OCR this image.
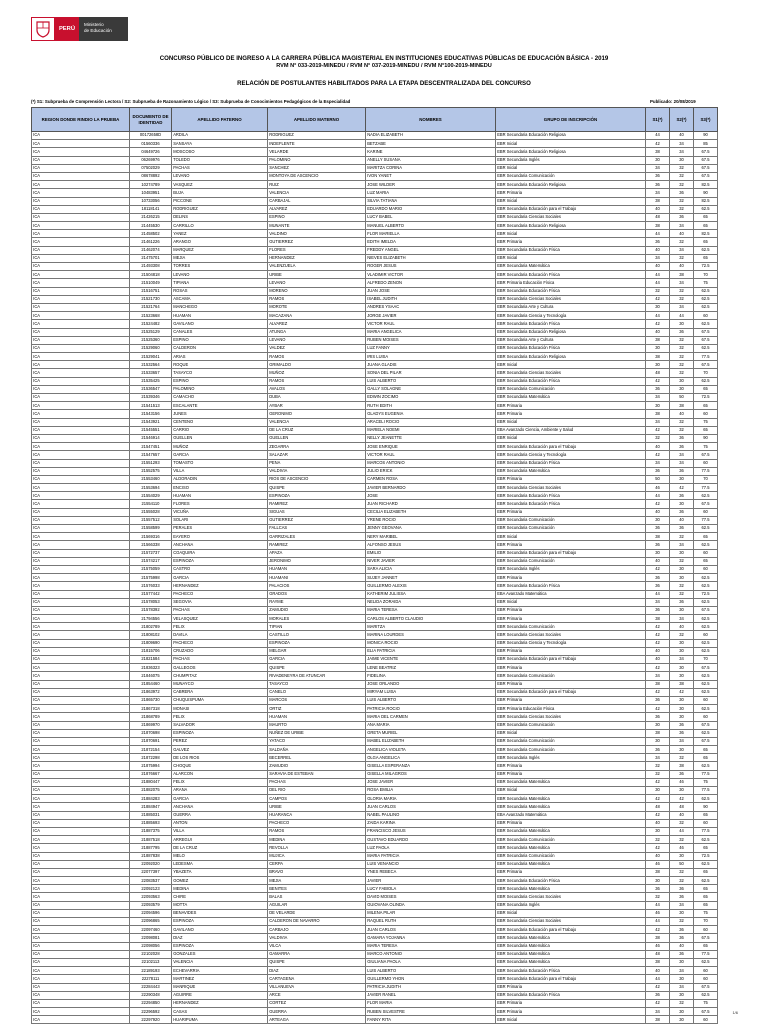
PERÚ
Ministerio
de Educación
CONCURSO PÚBLICO DE INGRESO A LA CARRERA PÚBLICA MAGISTERIAL EN INSTITUCIONES EDUCATIVAS PÚBLICAS DE EDUCACIÓN BÁSICA - 2019
RVM N° 033-2019-MINEDU / RVM N° 037-2019-MINEDU / RVM N°100-2019-MINEDU
RELACIÓN DE POSTULANTES HABILITADOS PARA LA ETAPA DESCENTRALIZADA DEL CONCURSO
(*) S1: Subprueba de Comprensión Lectora / S2: Subprueba de Razonamiento Lógico / S3: Subprueba de Conocimientos Pedagógicos de la Especialidad	Publicado: 20/08/2019
REGION DONDE RINDIO LA PRUEBA	DOCUMENTO DE IDENTIDAD	APELLIDO PATERNO	APELLIDO MATERNO	NOMBRES	GRUPO DE INSCRIPCIÓN	S1(*)	S2(*)	S3(*)
ICA	00172658D	ARDILA	RODRIGUEZ	NADIA ELIZABETH	EBR Secundaria Educación Religiosa	44	40	90
ICA	01560336	SANSAYA	INDEFLENTE	BETZABE	EBR Inicial	42	34	85
ICA	04649726	MOSCOSO	VELARDE	KARINE	EBR Secundaria Educación Religiosa	38	34	67.5
ICA	06269976	TOLEDO	PALOMINO	ANELLY SUSANA	EBR Secundaria Inglés	30	30	67.5
ICA	07502029	PACHAS	SANCHEZ	MARITZA CORINA	EBR Inicial	34	32	67.5
ICA	08678892	LEVANO	MONTOYA DE ASCENCIO	IVON YANET	EBR Secundaria Comunicación	36	32	67.5
ICA	10274789	VASQUEZ	RUIZ	JOSE WILDER	EBR Secundaria Educación Religiosa	36	32	82.5
ICA	10483951	BUJA	VALENCIA	LUZ MARIA	EBR Primaria	34	36	90
ICA	10733056	PICCONE	CARBAJAL	SILVIA TATIANA	EBR Inicial	38	32	82.5
ICA	18118141	RODRIGUEZ	ALVAREZ	EDUARDO MARIO	EBR Secundaria Educación para el Trabajo	40	32	62.5
ICA	21426215	DELINS	ESPINO	LUCY BABEL	EBR Secundaria Ciencias Sociales	48	36	65
ICA	21445530	CARRILLO	MUNANTE	MANUEL ALBERTO	EBR Secundaria Educación Religiosa	38	34	65
ICA	21458502	YANEZ	VALDINO	FLOR MARIELLA	EBR Inicial	44	40	82.5
ICA	21461226	ARANGO	GUTIERREZ	EDITH IMELDA	EBR Primaria	36	32	65
ICA	21462074	MARQUEZ	FLORES	FREDDY ANGEL	EBR Secundaria Educación Física	40	34	62.5
ICA	21475701	MEJIA	HERNANDEZ	NIEVES ELIZABETH	EBR Inicial	34	32	65
ICA	21493308	TORRES	VALENZUELA	ROGER JESUS	EBR Secundaria Matemática	40	40	72.5
ICA	21504818	LEVANO	URIBE	VLADIMIR VICTOR	EBR Secundaria Educación Física	44	38	70
ICA	21510049	TIPIANA	LEVANO	ALFREDO ZENON	EBR Primaria Educación Física	44	34	75
ICA	21516751	ROSAS	MORENO	JUAN JOSE	EBR Secundaria Educación Física	32	32	62.5
ICA	21521730	ASCAMA	RAMOS	ISABEL JUDITH	EBR Secundaria Ciencias Sociales	42	32	62.5
ICA	21521764	MANCHEGO	MOROTE	ANDRES YSAAC	EBR Secundaria Arte y Cultura	30	34	62.5
ICA	21523668	HUAMAN	MACAZANA	JORGE JAVIER	EBR Secundaria Ciencia y Tecnología	44	44	60
ICA	21524482	GAVILANO	ALVAREZ	VICTOR RAUL	EBR Secundaria Educación Física	42	30	62.5
ICA	21525129	CANALES	ATUNGA	MARIA ANGELICA	EBR Secundaria Educación Religiosa	40	36	67.5
ICA	21525360	ESPINO	LEVANO	RUBEN MOISES	EBR Secundaria Arte y Cultura	38	32	67.5
ICA	21529060	CALDERON	VALDEZ	LUZ FANNY	EBR Secundaria Educación Física	30	32	62.5
ICA	21529041	ARIAS	RAMOS	IRIS LUISA	EBR Secundaria Educación Religiosa	38	32	77.5
ICA	21532564	ROQUE	GRIMALDO	JUANA GLADIS	EBR Inicial	30	32	67.5
ICA	21533657	TASAYCO	MUÑOZ	SONIA DEL PILAR	EBR Secundaria Ciencias Sociales	48	32	70
ICA	21535425	ESPINO	RAMOS	LUIS ALBERTO	EBR Secundaria Educación Física	42	30	62.5
ICA	21536547	PALOMINO	AVALOS	GALLY SOLAGNE	EBR Secundaria Comunicación	36	30	65
ICA	21539346	CAMACHO	DUBA	EDWIN ZOCIMO	EBR Secundaria Matemática	34	50	72.5
ICA	21541513	ESCALANTE	AYBAR	RUTH EDITH	EBR Primaria	30	38	65
ICA	21543156	JUNES	GERONIMO	GLADYS EUGENIA	EBR Primaria	38	40	60
ICA	21543921	CENTENO	VALENCIA	ARACELI ROCIO	EBR Inicial	34	32	75
ICA	21545551	CARRIO	DE LA CRUZ	MARIELA NOEMI	EBA Avanzado Ciencia, Ambiente y Salud	42	32	65
ICA	21546914	GUELLEN	GUELLEN	NELLY JEANETTE	EBR Inicial	32	36	90
ICA	21547451	MUÑOZ	ZEGARRA	JOSE ENRIQUE	EBR Secundaria Educación para el Trabajo	40	36	75
ICA	21547657	GARCIA	SALAZAR	VICTOR RAUL	EBR Secundaria Ciencia y Tecnología	42	34	67.5
ICA	21551293	TOMASTO	PENA	MARCOS ANTONIO	EBR Secundaria Educación Física	34	34	60
ICA	21552575	VILLA	VALDIVIA	JULIO ERICK	EBR Secundaria Matemática	36	36	77.5
ICA	21553460	ALDORADIN	RIOS DE ASCENCIO	CARMEN ROSA	EBR Primaria	50	30	70
ICA	21553694	ENCISO	QUISPE	JAVIER BERNARDO	EBR Secundaria Ciencias Sociales	46	42	77.5
ICA	21554029	HUAMAN	ESPINOZA	JOSE	EBR Secundaria Educación Física	44	36	62.5
ICA	21554110	FLORES	RAMIREZ	JUAN RICHARD	EBR Secundaria Educación Física	42	30	67.5
ICA	21555028	VICUÑA	SIGUAS	CECILIA ELIZABETH	EBR Primaria	40	36	60
ICA	21557512	SOLARI	GUTIERREZ	YRENE ROCIO	EBR Secundaria Comunicación	30	40	77.5
ICA	21558599	PERALES	FALLCAS	JENNY GEOVANA	EBR Secundaria Comunicación	36	36	62.5
ICA	21569316	EAYERO	GARRIZALES	NERY MARIBEL	EBR Inicial	38	32	65
ICA	21566338	ANCHANA	RAMIREZ	ALFONSO JESUS	EBR Primaria	36	34	62.5
ICA	21572737	COAQUIRA	APAZA	EMILIO	EBR Secundaria Educación para el Trabajo	30	30	60
ICA	21574217	ESPINOZA	JERONIMO	NIVER JAVIER	EBR Secundaria Comunicación	40	32	65
ICA	21575059	CASTRO	HUAMAN	SARA ALICIA	EBR Secundaria Inglés	42	30	60
ICA	21575998	GARCIA	HUAMANI	SUJEY JANNET	EBR Primaria	36	30	62.5
ICA	21576033	HERNANDEZ	PALACIOS	GUILLERMO ALEXIS	EBR Secundaria Educación Física	36	32	62.5
ICA	21577442	PACHECO	GRADOS	KATHERIM JULISSA	EBA Avanzado Matemática	44	32	72.5
ICA	21578053	SEGOVIA	RAYME	NELIDA ZORAIDA	EBR Inicial	34	36	62.5
ICA	21578392	PACHAS	ZAMUDIO	MARIA TERESA	EBR Primaria	36	30	67.5
ICA	21794556	VELASQUEZ	MORALES	CARLOS ALBERTO CLAUDIO	EBR Primaria	38	34	62.5
ICA	21802789	FELIX	TIPIAN	MARITZA	EBR Secundaria Comunicación	42	40	62.5
ICA	21808102	DAVILA	CASTILLO	MARINA LOURDES	EBR Secundaria Ciencias Sociales	42	32	60
ICA	21809690	PACHECO	ESPINOZA	MONICA ROCIO	EBR Secundaria Ciencia y Tecnología	42	30	62.5
ICA	21815706	CRUZADO	MELGAR	ELIA PATRICIA	EBR Primaria	40	30	62.5
ICA	21821584	PACHAS	GARCIA	JAIME VICENTE	EBR Secundaria Educación para el Trabajo	40	34	70
ICA	21836323	GALLEGOS	QUISPE	LENE BEATRIZ	EBR Primaria	42	30	67.5
ICA	21846075	CHUMPITAZ	RIVADENEYRA DE ATUNCAR	FIDELINA	EBR Secundaria Comunicación	34	30	62.5
ICA	21854460	MUNAYCO	TASAYCO	JOSE ORLANDO	EBR Primaria	38	38	62.5
ICA	21863972	CABRERA	CANELO	MIRYAM LUISA	EBR Secundaria Educación para el Trabajo	42	42	62.5
ICA	21865730	CHUQUISPUMA	MARCOS	LUIS ALBERTO	EBR Primaria	36	30	60
ICA	21867318	MONASI	ORTIZ	PATRICIA ROCIO	EBR Primaria Educación Física	42	30	62.5
ICA	21868789	FELIX	HUAMAN	MARIA DEL CARMEN	EBR Secundaria Ciencias Sociales	36	30	60
ICA	21869970	SALVADOR	MAURTO	ANA MARIA	EBR Secundaria Comunicación	30	36	67.5
ICA	21870698	ESPINOZA	NUÑEZ DE URIBE	GRETA MURIEL	EBR Inicial	38	36	62.5
ICA	21870691	PEREZ	YATACO	MABEL ELIZABETH	EBR Secundaria Comunicación	30	34	67.5
ICA	21872154	GALVEZ	SALDAÑA	ANGELICA VIOLETA	EBR Secundaria Comunicación	36	30	65
ICA	21872298	DE LOS RIOS	BECERREL	OLGA ANGELICA	EBR Secundaria Inglés	34	32	65
ICA	21875994	CHOQUE	ZAMUDIO	GISELLA ESPERANZA	EBR Primaria	32	38	62.5
ICA	21876667	ALARCON	SARAVIA DE ESTEBAN	GISELLA MILAGROS	EBR Primaria	32	36	77.5
ICA	21880447	FELIX	PACHAS	JOSE JAVIER	EBR Secundaria Matemática	42	46	75
ICA	21882075	ARANA	DEL RIO	ROSA EMILIA	EBR Inicial	30	30	77.5
ICA	21884283	GARCIA	CAMPOS	GLORIA MARIA	EBR Secundaria Matemática	42	42	62.5
ICA	21884947	ANCHANA	URIBE	JUAN CARLOS	EBR Secundaria Matemática	48	48	90
ICA	21885031	GUERRA	HUARANCA	NABEL PAULINO	EBA Avanzado Matemática	42	40	65
ICA	21885693	ANTON	PACHECO	ZAIDA KARINA	EBR Primaria	40	32	60
ICA	21887375	VILLA	RAMOS	FRANCISCO JESUS	EBR Secundaria Matemática	30	44	77.5
ICA	21887518	ARREGUI	MEDINA	GUSTAVO EDUARDO	EBR Secundaria Comunicación	32	32	62.5
ICA	21887795	DE LA CRUZ	REVOLLA	LUZ PAOLA	EBR Secundaria Matemática	42	46	65
ICA	21887838	MELO	MUJICA	MARIA PATRICIA	EBR Secundaria Comunicación	40	30	72.5
ICA	22092020	LEDESMA	CERPA	LUIS VENANCIO	EBR Secundaria Matemática	46	50	62.5
ICA	22077397	YBAZETA	BRAVO	YNES REBECA	EBR Primaria	38	32	65
ICA	22083537	GOMEZ	MEJIA	JAVIER	EBR Secundaria Educación Física	30	32	62.5
ICA	22092123	MEDINA	BENITES	LUCY FABIOLA	EBR Secundaria Matemática	36	36	65
ICA	22093563	CHIRE	BALAS	DAVID MOISES	EBR Secundaria Ciencias Sociales	32	36	65
ICA	22093579	MOTTA	AGUILAR	GUIOVANA OLINDA	EBR Secundaria Inglés	44	34	65
ICA	22094596	BENAVIDES	DE VELARDE	MILENA PILAR	EBR Inicial	46	30	75
ICA	22096865	ESPINOZA	CALDERON DE NAVARRO	RAQUEL RUTH	EBR Secundaria Ciencias Sociales	44	32	70
ICA	22097460	GAVILANO	CARBAJO	JUAN CARLOS	EBR Secundaria Educación para el Trabajo	42	36	60
ICA	22098081	DIAZ	VALDIVIA	GAMARA YOJANNA	EBR Secundaria Matemática	38	36	67.5
ICA	22098056	ESPINOZA	VILCA	MARIA TERESA	EBR Secundaria Matemática	46	40	65
ICA	22102028	GONZALES	GAMARRA	MARCO ANTONIO	EBR Secundaria Matemática	48	36	77.5
ICA	22102113	VALENCIA	QUISPE	GIULIANA PAOLA	EBR Secundaria Matemática	38	30	62.5
ICA	22189193	ECHEVARRIA	DIAZ	LUIS ALBERTO	EBR Secundaria Educación Física	40	34	60
ICA	22278111	MARTINEZ	CARTAGENA	GUILLERMO YHON	EBR Secundaria Educación para el Trabajo	44	30	60
ICA	22284443	MANRIQUE	VILLANUEVA	PATRICIA JUDITH	EBR Primaria	42	34	67.5
ICA	22290348	AGUIRRE	ARCE	JAVIER RANEL	EBR Secundaria Educación Física	36	30	62.5
ICA	22294850	HERNANDEZ	CORTEZ	FLOR MARIA	EBR Primaria	42	32	75
ICA	22296592	CASAS	GUERRA	RUBEN SILVESTRE	EBR Primaria	34	30	67.5
ICA	22297920	HUARIPUMA	ARTEAGA	FANNY RITA	EBR Inicial	38	30	60
1/6
